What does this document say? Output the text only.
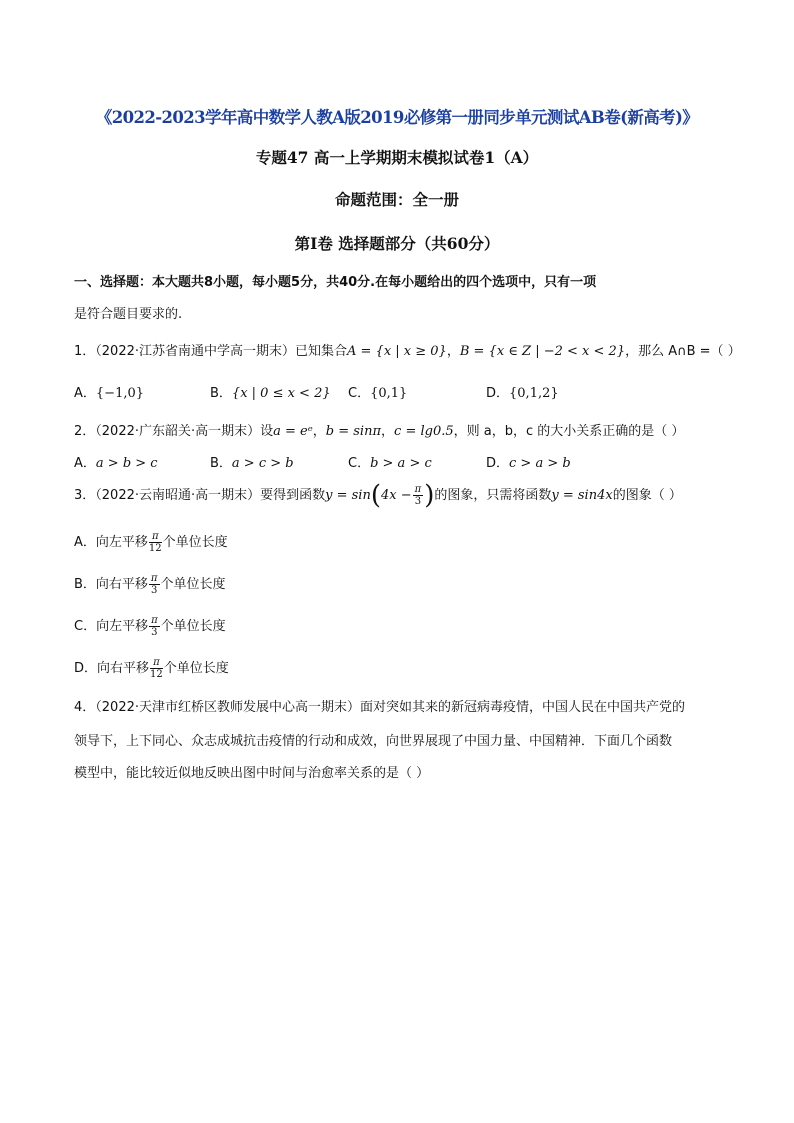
《2022-2023学年高中数学人教A版2019必修第一册同步单元测试AB卷(新高考)》
专题47 高一上学期期末模拟试卷1（A）
命题范围：全一册
第Ⅰ卷 选择题部分（共60分）
一、选择题：本大题共8小题，每小题5分，共40分.在每小题给出的四个选项中，只有一项
是符合题目要求的.
1．（2022·江苏省南通中学高一期末）已知集合A = {x | x ≥ 0}，B = {x ∈ Z | −2 < x < 2}，那么 A∩B =（ ）
A．{−1,0}	B．{x | 0 ≤ x < 2} C．{0,1}	D．{0,1,2}
2．（2022·广东韶关·高一期末）设a = eᵉ，b = sinπ，c = lg0.5，则 a，b，c 的大小关系正确的是（ ）
A．a > b > c	B．a > c > b	C．b > a > c	D．c > a > b
3．（2022·云南昭通·高一期末）要得到函数$y = \sin(4x - \frac{\pi}{3}$ )的图象，只需将函数y = sin4x的图象（ ）
A．向左平移 $\frac{\pi}{12}$ 个单位长度
B．向右平移 $\frac{\pi}{3}$ 个单位长度
C．向左平移 $\frac{\pi}{3}$ 个单位长度
D．向右平移 $\frac{\pi}{12}$ 个单位长度
4．（2022·天津市红桥区教师发展中心高一期末）面对突如其来的新冠病毒疫情，中国人民在中国共产党的
领导下，上下同心、众志成城抗击疫情的行动和成效，向世界展现了中国力量、中国精神．下面几个函数
模型中，能比较近似地反映出图中时间与治愈率关系的是（ ）
